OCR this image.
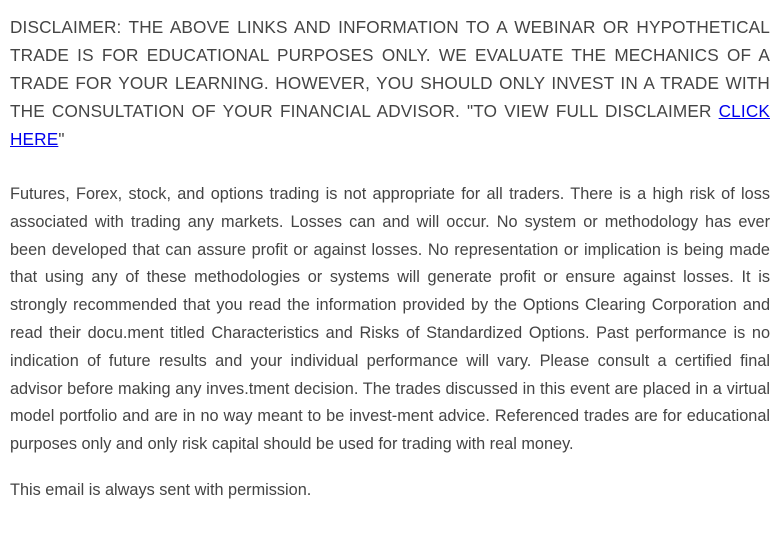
DISCLAIMER: THE ABOVE LINKS AND INFORMATION TO A WEBINAR OR HYPOTHETICAL TRADE IS FOR EDUCATIONAL PURPOSES ONLY. WE EVALUATE THE MECHANICS OF A TRADE FOR YOUR LEARNING. HOWEVER, YOU SHOULD ONLY INVEST IN A TRADE WITH THE CONSULTATION OF YOUR FINANCIAL ADVISOR. "TO VIEW FULL DISCLAIMER CLICK HERE"

Futures, Forex, stock, and options trading is not appropriate for all traders. There is a high risk of loss associated with trading any markets. Losses can and will occur. No system or methodology has ever been developed that can assure profit or against losses. No representation or implication is being made that using any of these methodologies or systems will generate profit or ensure against losses. It is strongly recommended that you read the information provided by the Options Clearing Corporation and read their docu.ment titled Characteristics and Risks of Standardized Options. Past performance is no indication of future results and your individual performance will vary. Please consult a certified final advisor before making any inves.tment decision. The trades discussed in this event are placed in a virtual model portfolio and are in no way meant to be invest-ment advice. Referenced trades are for educational purposes only and only risk capital should be used for trading with real money.

This email is always sent with permission.
